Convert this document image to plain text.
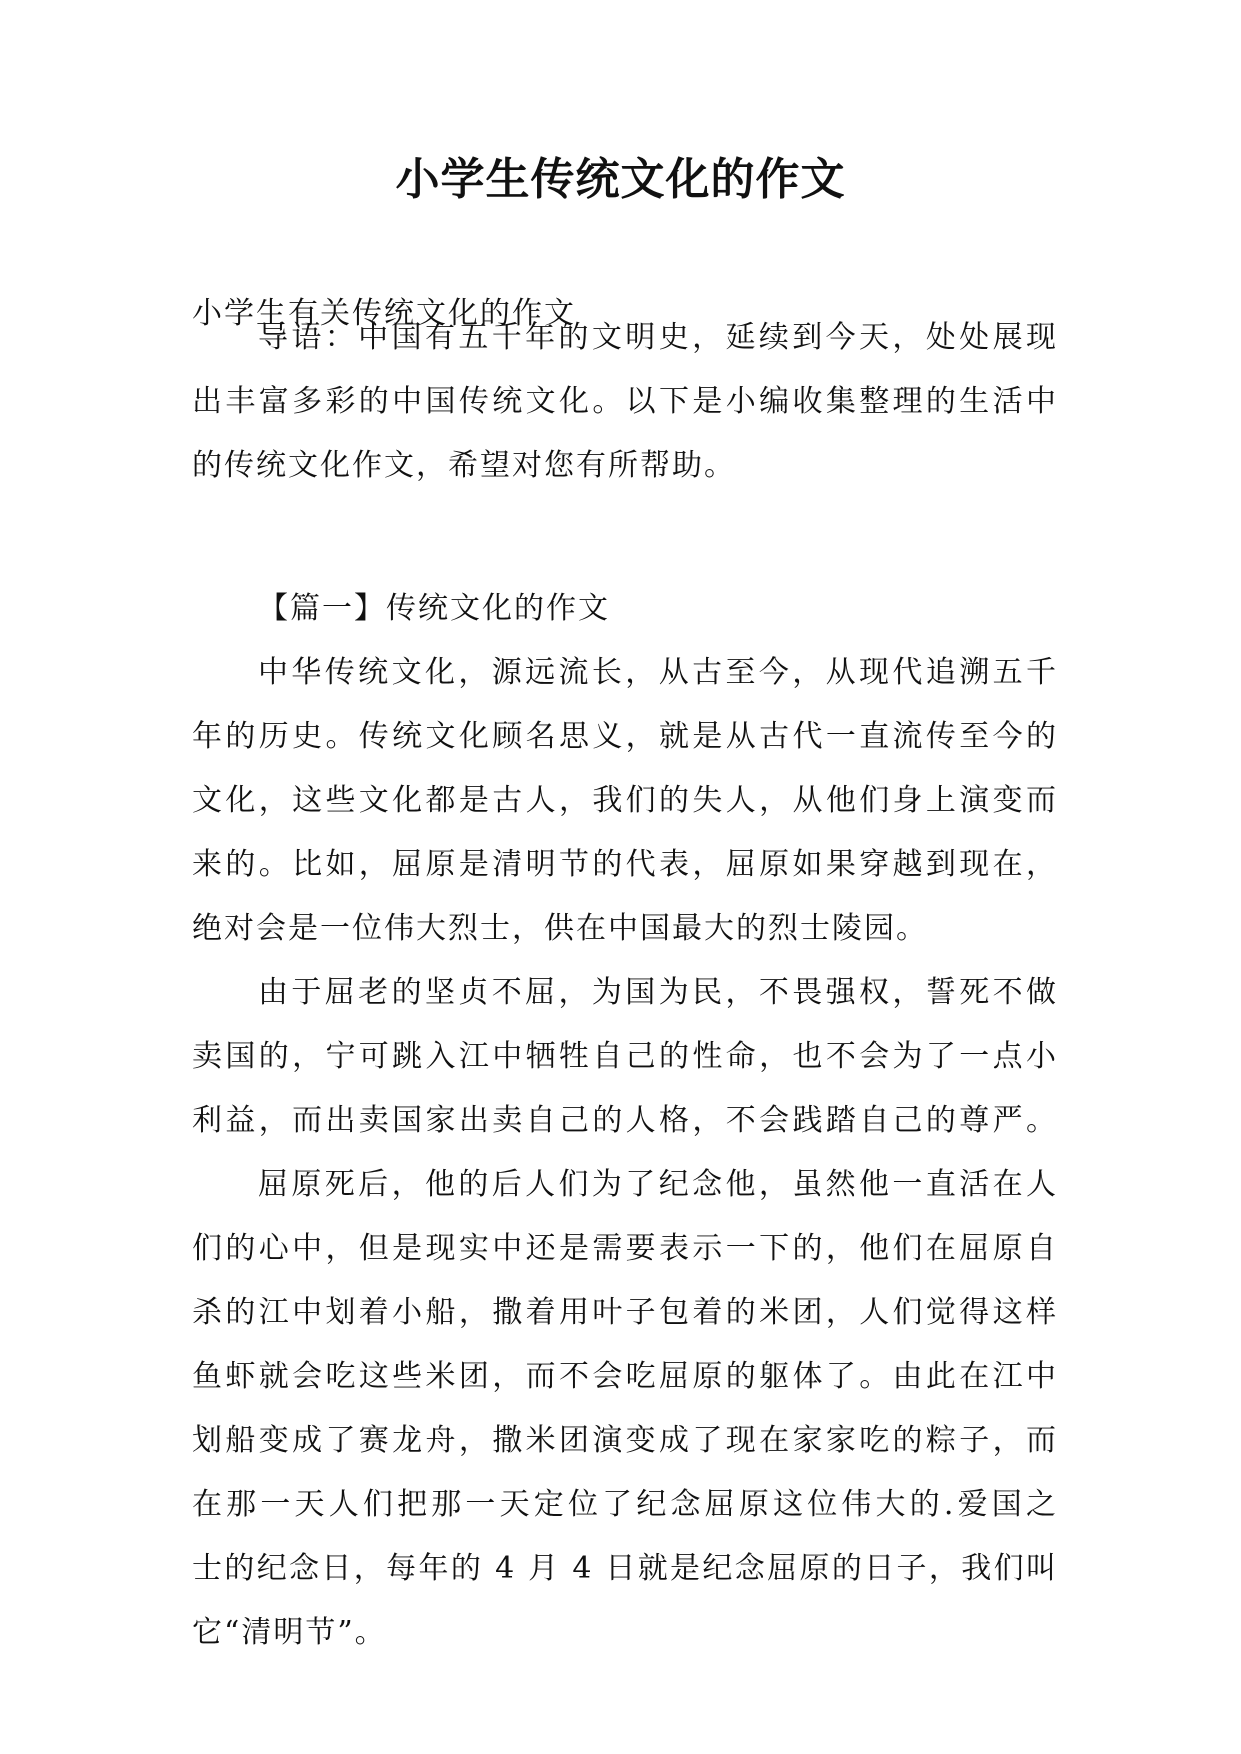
小学生传统文化的作文
小学生有关传统文化的作文
导语：中国有五千年的文明史，延续到今天，处处展现
出丰富多彩的中国传统文化。以下是小编收集整理的生活中
的传统文化作文，希望对您有所帮助。
【篇一】传统文化的作文
中华传统文化，源远流长，从古至今，从现代追溯五千
年的历史。传统文化顾名思义，就是从古代一直流传至今的
文化，这些文化都是古人，我们的失人，从他们身上演变而
来的。比如，屈原是清明节的代表，屈原如果穿越到现在，
绝对会是一位伟大烈士，供在中国最大的烈士陵园。
由于屈老的坚贞不屈，为国为民，不畏强权，誓死不做
卖国的，宁可跳入江中牺牲自己的性命，也不会为了一点小
利益，而出卖国家出卖自己的人格，不会践踏自己的尊严。
屈原死后，他的后人们为了纪念他，虽然他一直活在人
们的心中，但是现实中还是需要表示一下的，他们在屈原自
杀的江中划着小船，撒着用叶子包着的米团，人们觉得这样
鱼虾就会吃这些米团，而不会吃屈原的躯体了。由此在江中
划船变成了赛龙舟，撒米团演变成了现在家家吃的粽子，而
在那一天人们把那一天定位了纪念屈原这位伟大的.爱国之
士的纪念日，每年的 4 月 4 日就是纪念屈原的日子，我们叫
它“清明节”。
